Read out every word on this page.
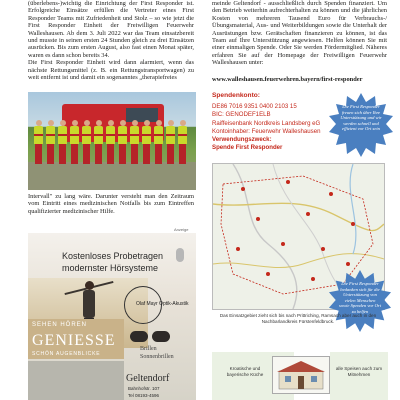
(überlebens-)wichtig die Einrichtung der First Responder ist. Erfolgreiche Einsätze erfüllen die Vertreter eines First Responder Teams mit Zufriedenheit und Stolz – so wie jetzt die First Responder Einheit der Freiwilligen Feuerwehr Walleshausen. Ab dem 3. Juli 2022 war das Team einsatzbereit und musste in seinen ersten 24 Stunden gleich zu drei Einsätzen ausrücken. Bis zum ersten August, also fast einen Monat später, waren es dann schon bereits 34.

Die First Responder Einheit wird dann alarmiert, wenn das nächste Rettungsmittel (z. B. ein Rettungstransportwagen) zu weit entfernt ist und damit ein sogenanntes „therapiefreies

Intervall" zu lang wäre. Darunter versteht man den Zeitraum vom Eintritt eines medizinischen Notfalls bis zum Eintreffen qualifizierter medizinischer Hilfe.

Anzeige
Kostenloses Probetragen
modernster Hörsysteme
Olaf Mayr Optik-Akustik
SEHEN HÖREN
GENIESSE
SCHÖN AUGENBLICKE
Brillen
Sonnenbrillen
Geltendorf
Bahnhofstr. 107
Tel 08193-4596

meinde Geltendorf - ausschließlich durch Spenden finanziert. Um den Betrieb weiterhin aufrechterhalten zu können und die jährlichen Kosten von mehreren Tausend Euro für Verbrauchs-/Übungsmaterial, Aus- und Weiterbildungen sowie die Unterhalt der Ausrüstungen bzw. Gerätschaften finanzieren zu können, ist das Team auf Ihre Unterstützung angewiesen. Helfen können Sie mit einer einmaligen Spende. Oder Sie werden Fördermitglied. Näheres erfahren Sie auf der Homepage der Freiwilligen Feuerwehr Walleshausen unter:

www.walleshausen.feuerwehren.bayern/first-responder
Spendenkonto:
DE86 7016 9351 0400 2103 15
BIC: GENODEF1ELB
Raiffeisenbank Nordkreis Landsberg eG
Kontoinhaber: Feuerwehr Walleshausen
Verwendungszweck:
Spende First Responder
Die First Responder freuen sich über Ihre Unterstützung und wir werden schnell und effizient vor Ort sein
Die First Responder bedanken sich für die Unterstützung von vielen Menschen sowie Spenden vor Ort zu helfen
Das Einsatzgebiet zieht sich bis nach Prittriching, Ramsach aber auch in den Nachbarlandkreis Fürstenfeldbruck.
Kroatische und bayerische Küche
alle Speisen auch zum Mitnehmen
